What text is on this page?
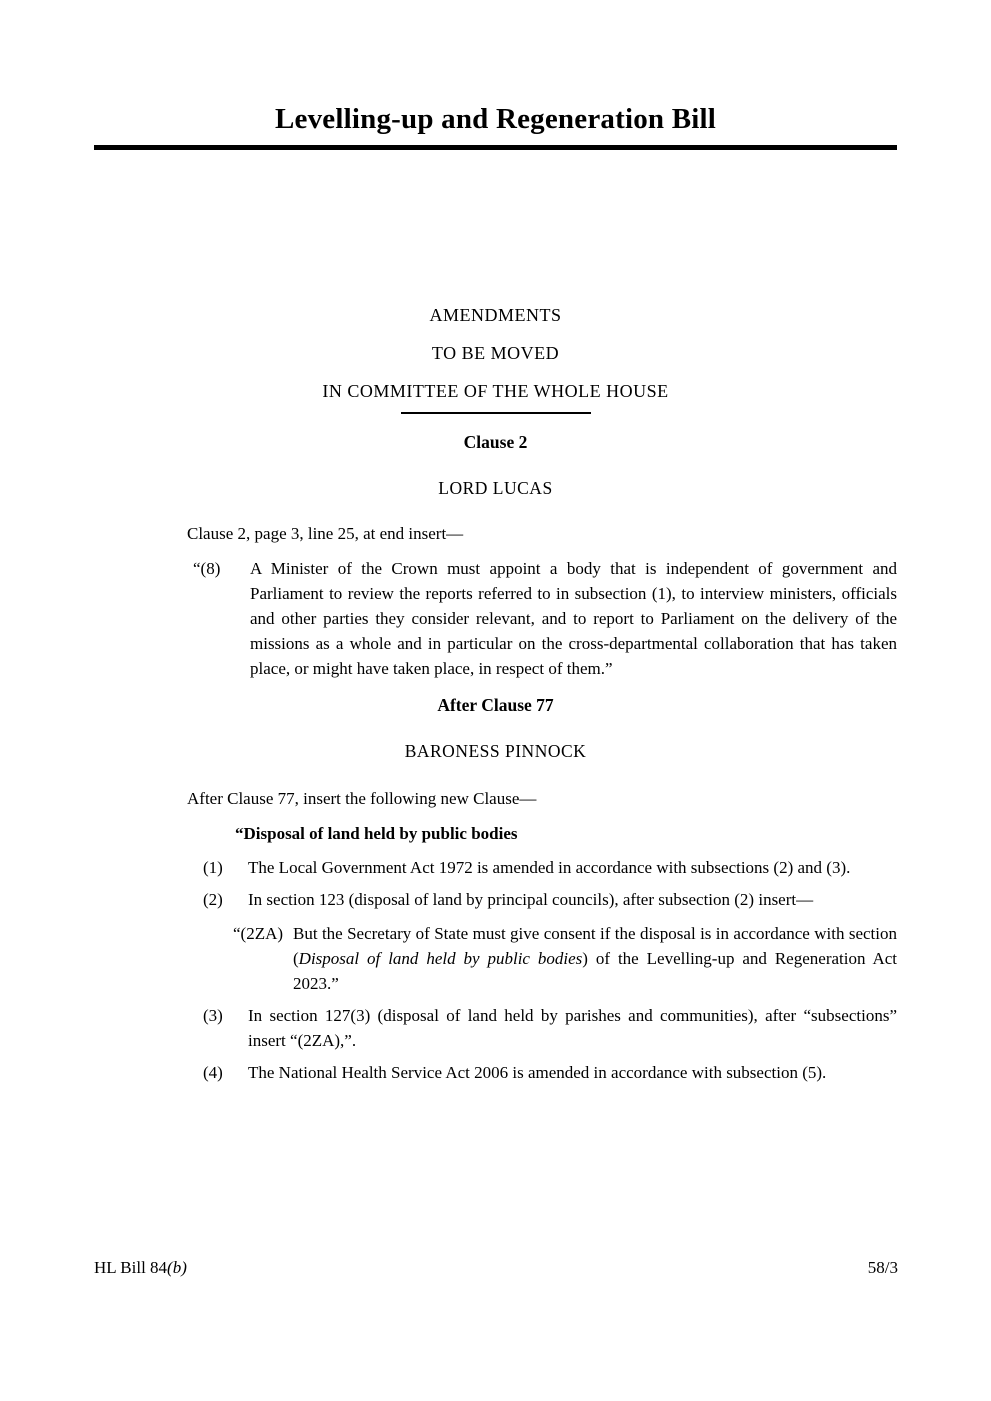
Levelling-up and Regeneration Bill
AMENDMENTS
TO BE MOVED
IN COMMITTEE OF THE WHOLE HOUSE
Clause 2
LORD LUCAS

Clause 2, page 3, line 25, at end insert—

“(8)	A Minister of the Crown must appoint a body that is independent of government and Parliament to review the reports referred to in subsection (1), to interview ministers, officials and other parties they consider relevant, and to report to Parliament on the delivery of the missions as a whole and in particular on the cross-departmental collaboration that has taken place, or might have taken place, in respect of them.”
After Clause 77
BARONESS PINNOCK

After Clause 77, insert the following new Clause—

“Disposal of land held by public bodies
(1)	The Local Government Act 1972 is amended in accordance with subsections (2) and (3).
(2)	In section 123 (disposal of land by principal councils), after subsection (2) insert—
“(2ZA) But the Secretary of State must give consent if the disposal is in accordance with section (Disposal of land held by public bodies) of the Levelling-up and Regeneration Act 2023.”
(3)	In section 127(3) (disposal of land held by parishes and communities), after “subsections” insert “(2ZA),”.
(4)	The National Health Service Act 2006 is amended in accordance with subsection (5).
HL Bill 84(b)	58/3
